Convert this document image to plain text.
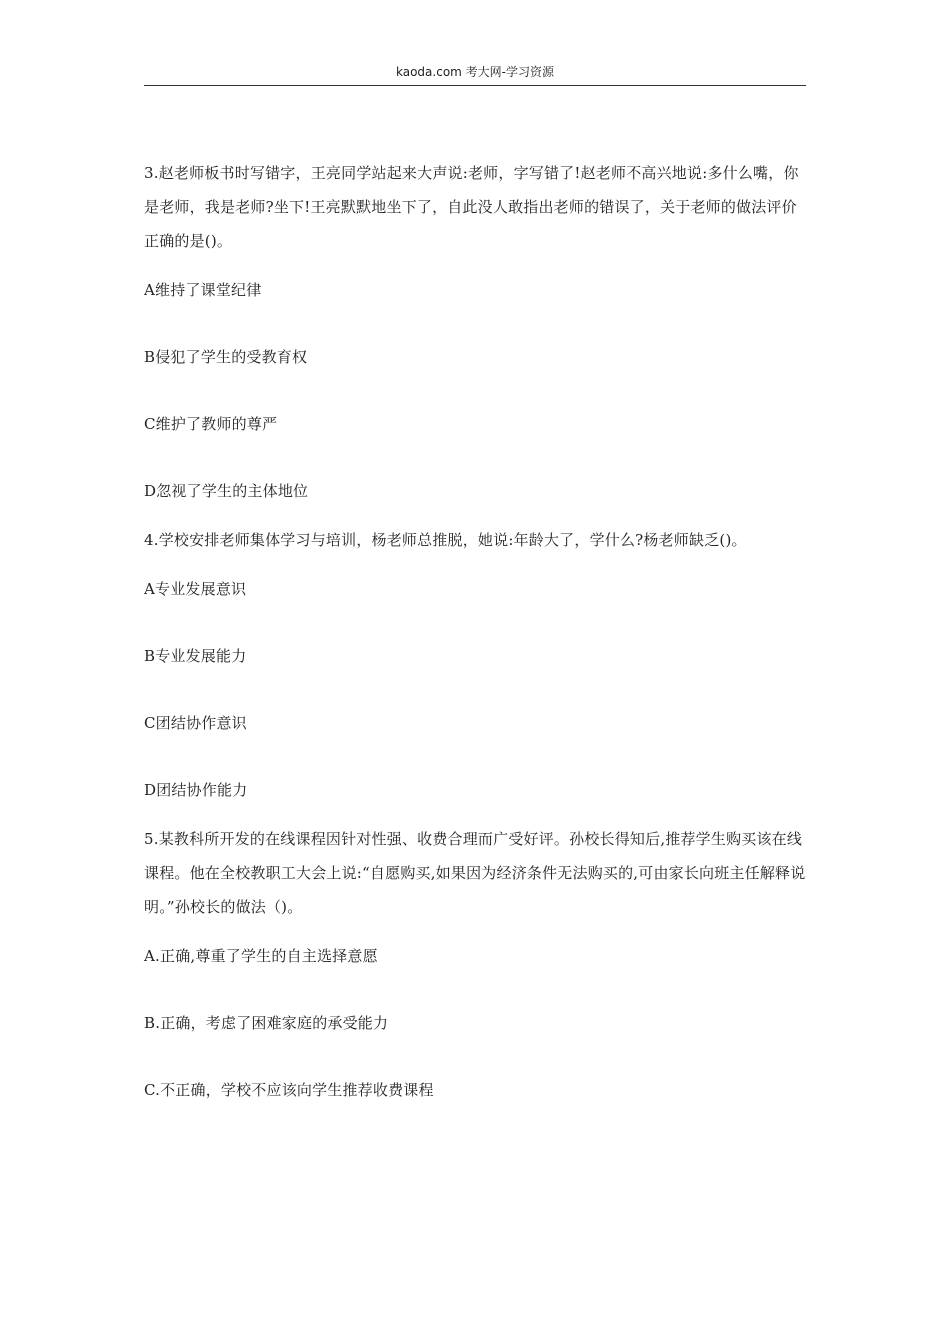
kaoda.com 考大网-学习资源

3.赵老师板书时写错字，王亮同学站起来大声说:老师，字写错了!赵老师不高兴地说:多什么嘴，你是老师，我是老师?坐下!王亮默默地坐下了，自此没人敢指出老师的错误了，关于老师的做法评价正确的是()。

A维持了课堂纪律

B侵犯了学生的受教育权

C维护了教师的尊严

D忽视了学生的主体地位

4.学校安排老师集体学习与培训，杨老师总推脱，她说:年龄大了，学什么?杨老师缺乏()。

A专业发展意识

B专业发展能力

C团结协作意识

D团结协作能力

5.某教科所开发的在线课程因针对性强、收费合理而广受好评。孙校长得知后,推荐学生购买该在线课程。他在全校教职工大会上说:“自愿购买,如果因为经济条件无法购买的,可由家长向班主任解释说明。”孙校长的做法（)。

A.正确,尊重了学生的自主选择意愿

B.正确，考虑了困难家庭的承受能力

C.不正确，学校不应该向学生推荐收费课程
